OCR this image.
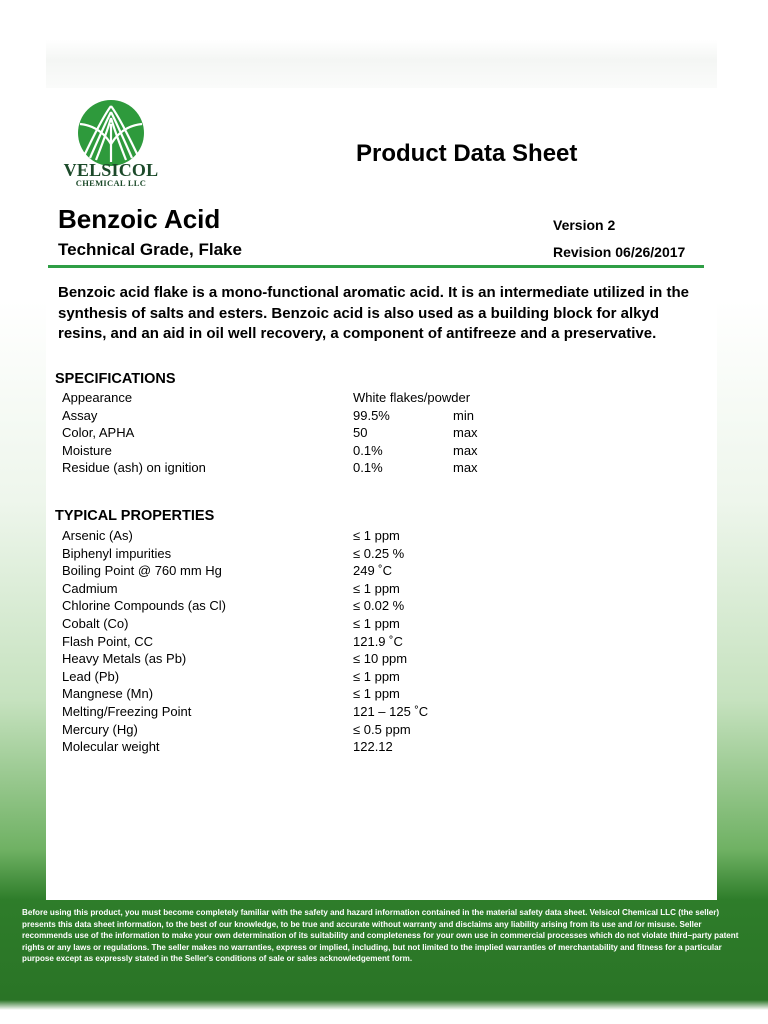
VELSICOL
CHEMICAL LLC
Product Data Sheet
Benzoic Acid
Technical Grade, Flake
Version 2
Revision 06/26/2017
Benzoic acid flake is a mono-functional aromatic acid. It is an intermediate utilized in the synthesis of salts and esters. Benzoic acid is also used as a building block for alkyd resins, and an aid in oil well recovery, a component of antifreeze and a preservative.
SPECIFICATIONS
Appearance	White flakes/powder
Assay	99.5%	min
Color, APHA	50	max
Moisture	0.1%	max
Residue (ash) on ignition	0.1%	max
TYPICAL PROPERTIES
Arsenic (As)	≤ 1 ppm
Biphenyl impurities	≤ 0.25 %
Boiling Point @ 760 mm Hg	249 ˚C
Cadmium	≤ 1 ppm
Chlorine Compounds (as Cl)	≤ 0.02 %
Cobalt (Co)	≤ 1 ppm
Flash Point, CC	121.9 ˚C
Heavy Metals (as Pb)	≤ 10 ppm
Lead (Pb)	≤ 1 ppm
Mangnese (Mn)	≤ 1 ppm
Melting/Freezing Point	121 – 125 ˚C
Mercury (Hg)	≤ 0.5 ppm
Molecular weight	122.12
Before using this product, you must become completely familiar with the safety and hazard information contained in the material safety data sheet. Velsicol Chemical LLC (the seller) presents this data sheet information, to the best of our knowledge, to be true and accurate without warranty and disclaims any liability arising from its use and /or misuse. Seller recommends use of the information to make your own determination of its suitability and completeness for your own use in commercial processes which do not violate third–party patent rights or any laws or regulations. The seller makes no warranties, express or implied, including, but not limited to the implied warranties of merchantability and fitness for a particular purpose except as expressly stated in the Seller's conditions of sale or sales acknowledgement form.
